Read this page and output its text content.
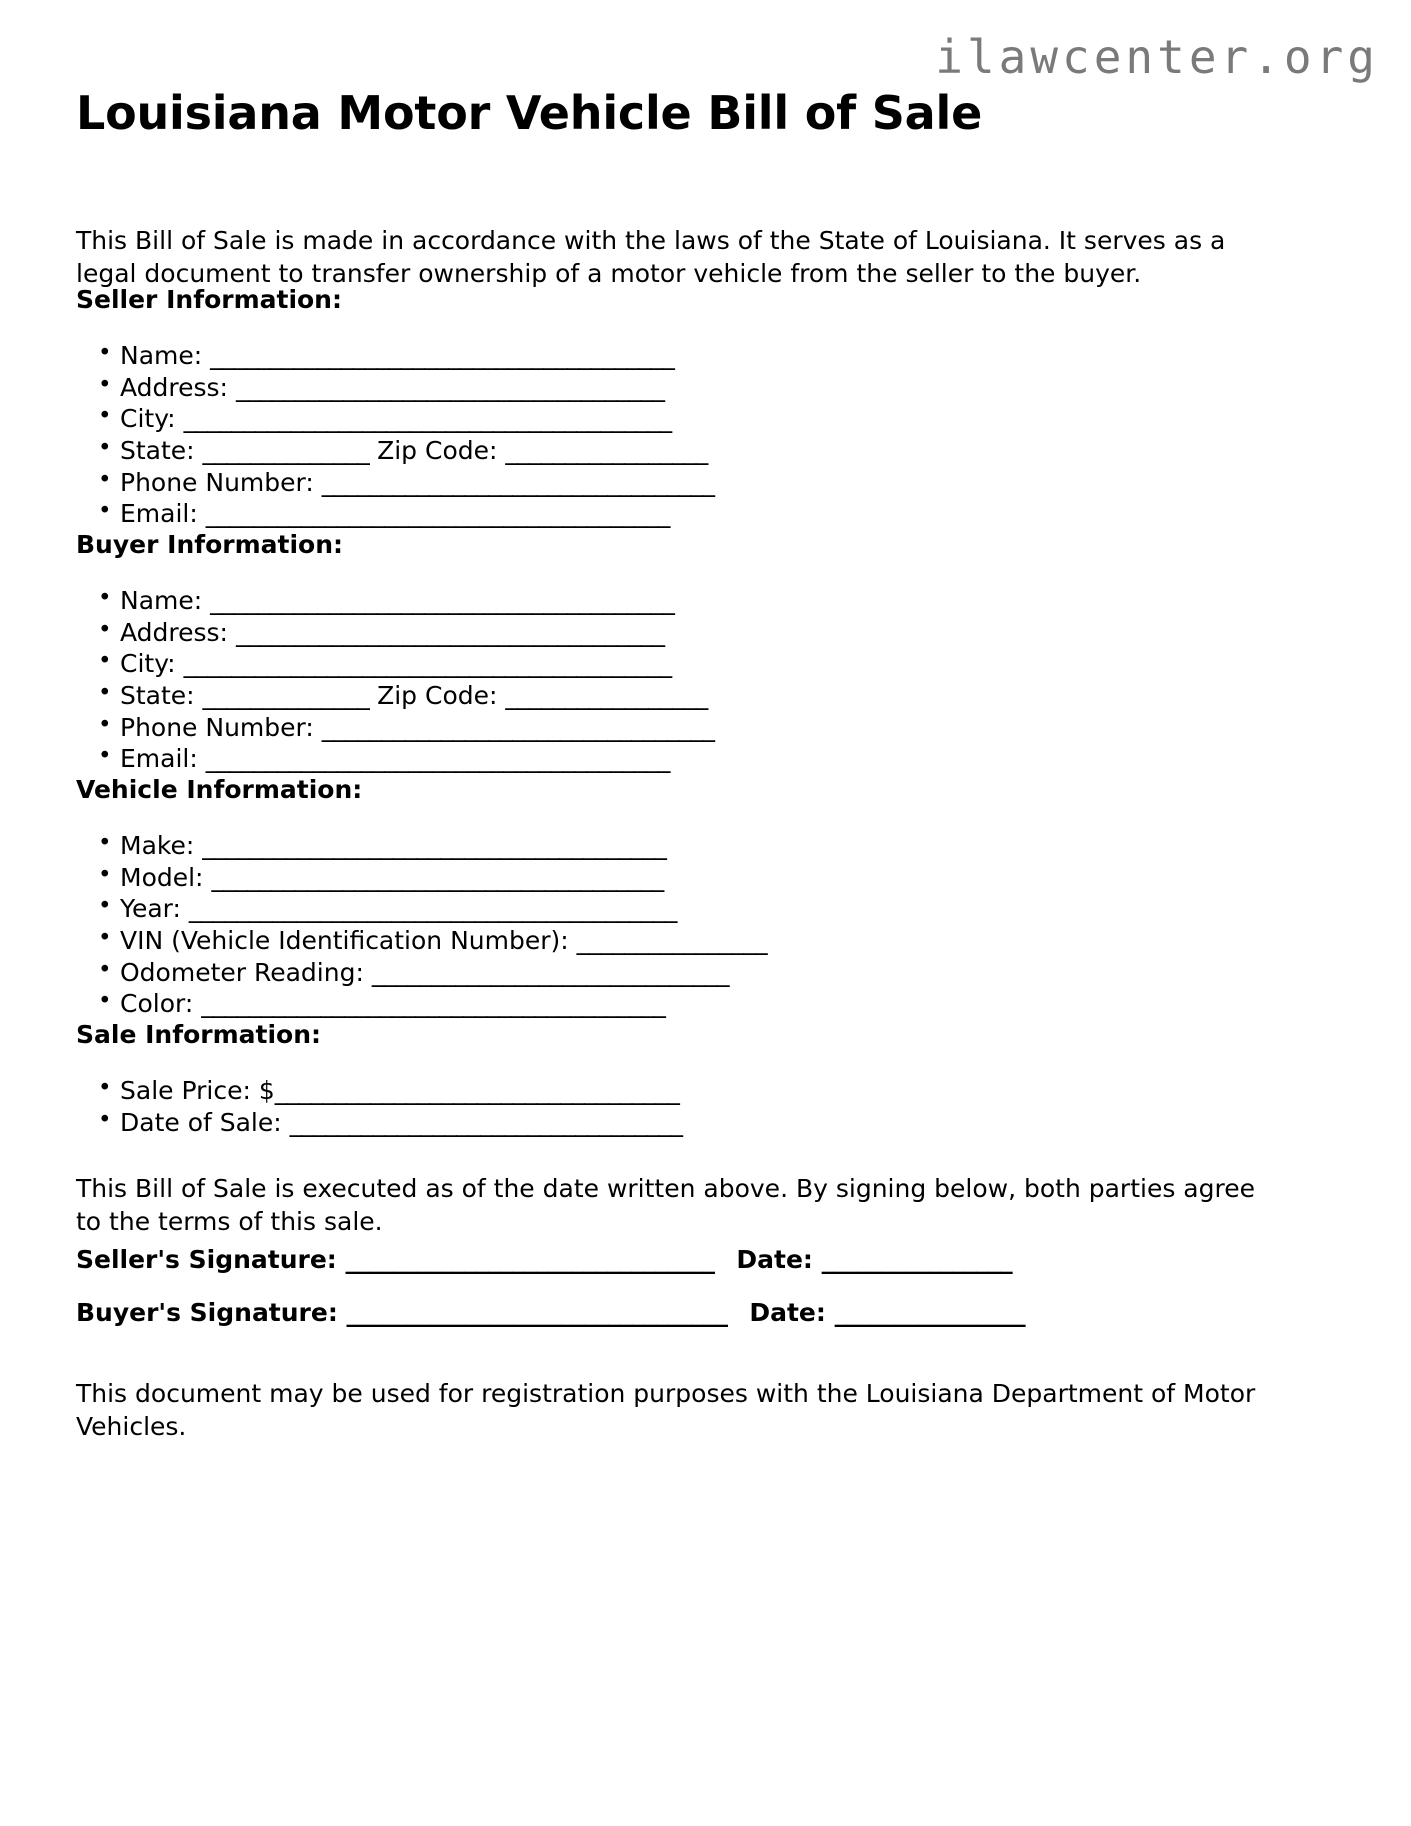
ilawcenter.org
Louisiana Motor Vehicle Bill of Sale

This Bill of Sale is made in accordance with the laws of the State of Louisiana. It serves as a legal document to transfer ownership of a motor vehicle from the seller to the buyer.

Seller Information:
• Name: _______________________________________
• Address: ____________________________________
• City: _________________________________________
• State: ______________ Zip Code: _________________
• Phone Number: _________________________________
• Email: _______________________________________
Buyer Information:
• Name: _______________________________________
• Address: ____________________________________
• City: _________________________________________
• State: ______________ Zip Code: _________________
• Phone Number: _________________________________
• Email: _______________________________________
Vehicle Information:
• Make: _______________________________________
• Model: ______________________________________
• Year: _________________________________________
• VIN (Vehicle Identification Number): ________________
• Odometer Reading: ______________________________
• Color: _______________________________________
Sale Information:
• Sale Price: $__________________________________
• Date of Sale: _________________________________

This Bill of Sale is executed as of the date written above. By signing below, both parties agree to the terms of this sale.

Seller's Signature: _______________________________ Date: ________________
Buyer's Signature: ________________________________ Date: ________________

This document may be used for registration purposes with the Louisiana Department of Motor Vehicles.
